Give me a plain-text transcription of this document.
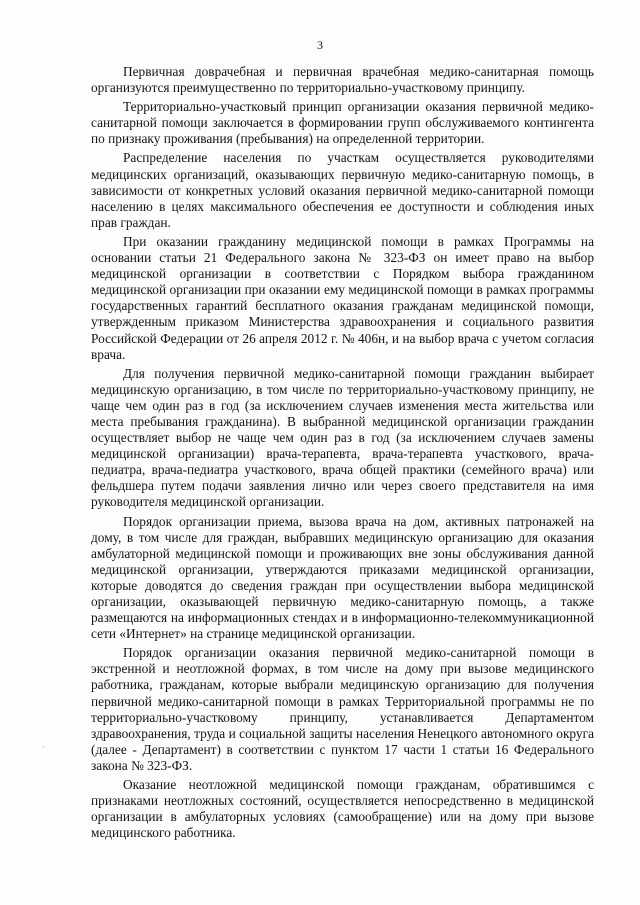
3
·

Первичная доврачебная и первичная врачебная медико-санитарная помощь организуются преимущественно по территориально-участковому принципу.

Территориально-участковый принцип организации оказания первичной медико-санитарной помощи заключается в формировании групп обслуживаемого контингента по признаку проживания (пребывания) на определенной территории.

Распределение населения по участкам осуществляется руководителями медицинских организаций, оказывающих первичную медико-санитарную помощь, в зависимости от конкретных условий оказания первичной медико-санитарной помощи населению в целях максимального обеспечения ее доступности и соблюдения иных прав граждан.

При оказании гражданину медицинской помощи в рамках Программы на основании статьи 21 Федерального закона № 323-ФЗ он имеет право на выбор медицинской организации в соответствии с Порядком выбора гражданином медицинской организации при оказании ему медицинской помощи в рамках программы государственных гарантий бесплатного оказания гражданам медицинской помощи, утвержденным приказом Министерства здравоохранения и социального развития Российской Федерации от 26 апреля 2012 г. № 406н, и на выбор врача с учетом согласия врача.

Для получения первичной медико-санитарной помощи гражданин выбирает медицинскую организацию, в том числе по территориально-участковому принципу, не чаще чем один раз в год (за исключением случаев изменения места жительства или места пребывания гражданина). В выбранной медицинской организации гражданин осуществляет выбор не чаще чем один раз в год (за исключением случаев замены медицинской организации) врача-терапевта, врача-терапевта участкового, врача-педиатра, врача-педиатра участкового, врача общей практики (семейного врача) или фельдшера путем подачи заявления лично или через своего представителя на имя руководителя медицинской организации.

Порядок организации приема, вызова врача на дом, активных патронажей на дому, в том числе для граждан, выбравших медицинскую организацию для оказания амбулаторной медицинской помощи и проживающих вне зоны обслуживания данной медицинской организации, утверждаются приказами медицинской организации, которые доводятся до сведения граждан при осуществлении выбора медицинской организации, оказывающей первичную медико-санитарную помощь, а также размещаются на информационных стендах и в информационно-телекоммуникационной сети «Интернет» на странице медицинской организации.

Порядок организации оказания первичной медико-санитарной помощи в экстренной и неотложной формах, в том числе на дому при вызове медицинского работника, гражданам, которые выбрали медицинскую организацию для получения первичной медико-санитарной помощи в рамках Территориальной программы не по территориально-участковому принципу, устанавливается Департаментом здравоохранения, труда и социальной защиты населения Ненецкого автономного округа (далее - Департамент) в соответствии с пунктом 17 части 1 статьи 16 Федерального закона № 323-ФЗ.

Оказание неотложной медицинской помощи гражданам, обратившимся с признаками неотложных состояний, осуществляется непосредственно в медицинской организации в амбулаторных условиях (самообращение) или на дому при вызове медицинского работника.
